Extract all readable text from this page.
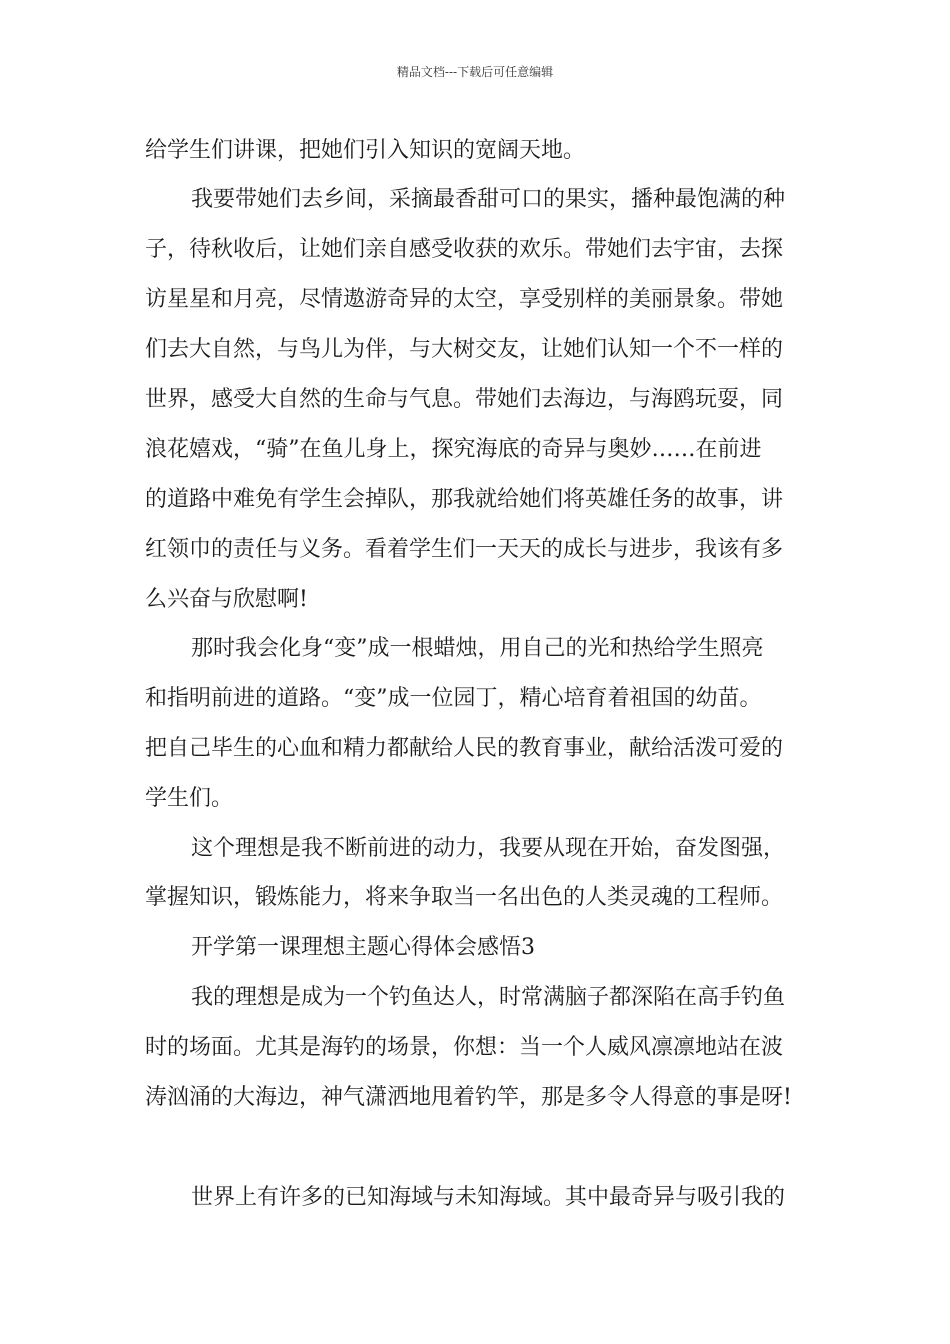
精品文档---下载后可任意编辑
给学生们讲课，把她们引入知识的宽阔天地。
我要带她们去乡间，采摘最香甜可口的果实，播种最饱满的种
子，待秋收后，让她们亲自感受收获的欢乐。带她们去宇宙，去探
访星星和月亮，尽情遨游奇异的太空，享受别样的美丽景象。带她
们去大自然，与鸟儿为伴，与大树交友，让她们认知一个不一样的
世界，感受大自然的生命与气息。带她们去海边，与海鸥玩耍，同
浪花嬉戏，“骑”在鱼儿身上，探究海底的奇异与奥妙……在前进
的道路中难免有学生会掉队，那我就给她们将英雄任务的故事，讲
红领巾的责任与义务。看着学生们一天天的成长与进步，我该有多
么兴奋与欣慰啊!
那时我会化身“变”成一根蜡烛，用自己的光和热给学生照亮
和指明前进的道路。“变”成一位园丁，精心培育着祖国的幼苗。
把自己毕生的心血和精力都献给人民的教育事业，献给活泼可爱的
学生们。
这个理想是我不断前进的动力，我要从现在开始，奋发图强，
掌握知识，锻炼能力，将来争取当一名出色的人类灵魂的工程师。
开学第一课理想主题心得体会感悟3
我的理想是成为一个钓鱼达人，时常满脑子都深陷在高手钓鱼
时的场面。尤其是海钓的场景，你想：当一个人威风凛凛地站在波
涛汹涌的大海边，神气潇洒地甩着钓竿，那是多令人得意的事是呀!
世界上有许多的已知海域与未知海域。其中最奇异与吸引我的
